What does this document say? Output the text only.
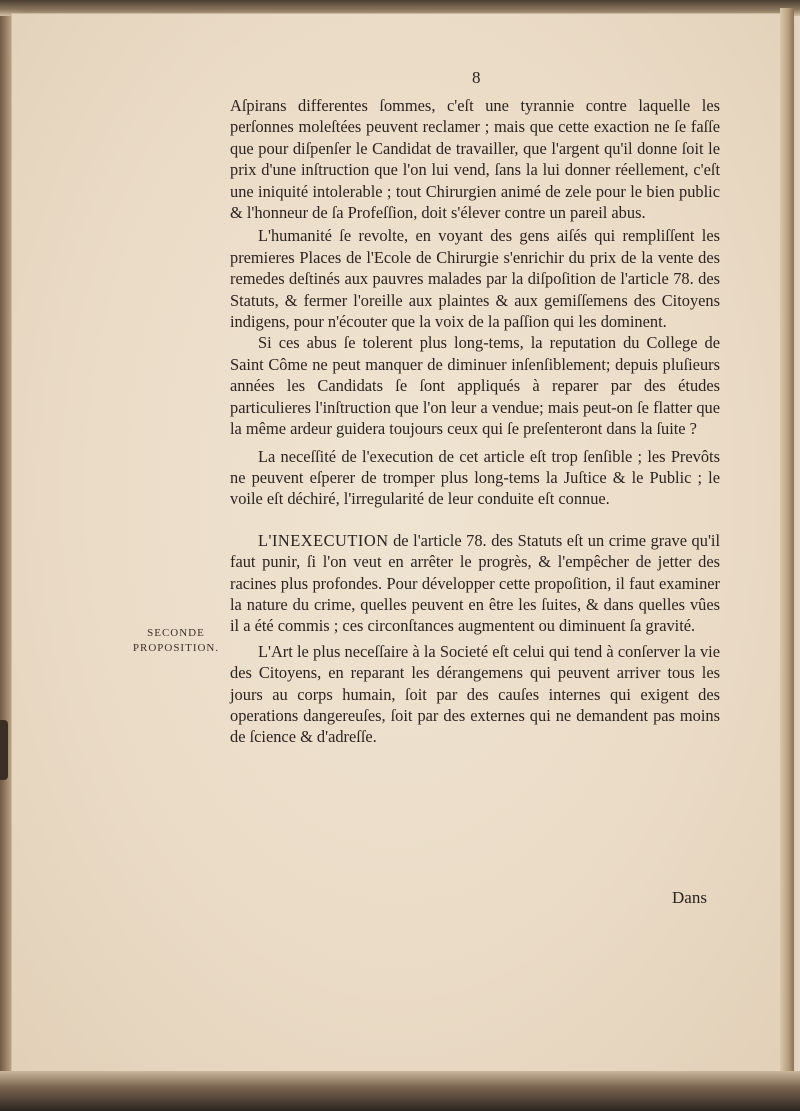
8
SECONDE
PROPOSITION.

Aſpirans differentes ſommes, c'eſt une tyrannie contre laquelle les perſonnes moleſtées peuvent reclamer ; mais que cette exaction ne ſe faſſe que pour diſpenſer le Candidat de travailler, que l'argent qu'il donne ſoit le prix d'une inſtruction que l'on lui vend, ſans la lui donner réellement, c'eſt une iniquité intolerable ; tout Chirurgien animé de zele pour le bien public & l'honneur de ſa Profeſſion, doit s'élever contre un pareil abus.

L'humanité ſe revolte, en voyant des gens aiſés qui rempliſſent les premieres Places de l'Ecole de Chirurgie s'enrichir du prix de la vente des remedes deſtinés aux pauvres malades par la diſpoſition de l'article 78. des Statuts, & fermer l'oreille aux plaintes & aux gemiſſemens des Citoyens indigens, pour n'écouter que la voix de la paſſion qui les dominent.

Si ces abus ſe tolerent plus long-tems, la reputation du College de Saint Côme ne peut manquer de diminuer inſenſiblement; depuis pluſieurs années les Candidats ſe ſont appliqués à reparer par des études particulieres l'inſtruction que l'on leur a vendue; mais peut-on ſe flatter que la même ardeur guidera toujours ceux qui ſe preſenteront dans la ſuite ?

La neceſſité de l'execution de cet article eſt trop ſenſible ; les Prevôts ne peuvent eſperer de tromper plus long-tems la Juſtice & le Public ; le voile eſt déchiré, l'irregularité de leur conduite eſt connue.

L'INEXECUTION de l'article 78. des Statuts eſt un crime grave qu'il faut punir, ſi l'on veut en arrêter le progrès, & l'empêcher de jetter des racines plus profondes. Pour développer cette propoſition, il faut examiner la nature du crime, quelles peuvent en être les ſuites, & dans quelles vûes il a été commis ; ces circonſtances augmentent ou diminuent ſa gravité.

L'Art le plus neceſſaire à la Societé eſt celui qui tend à conſerver la vie des Citoyens, en reparant les dérangemens qui peuvent arriver tous les jours au corps humain, ſoit par des cauſes internes qui exigent des operations dangereuſes, ſoit par des externes qui ne demandent pas moins de ſcience & d'adreſſe.

Dans
